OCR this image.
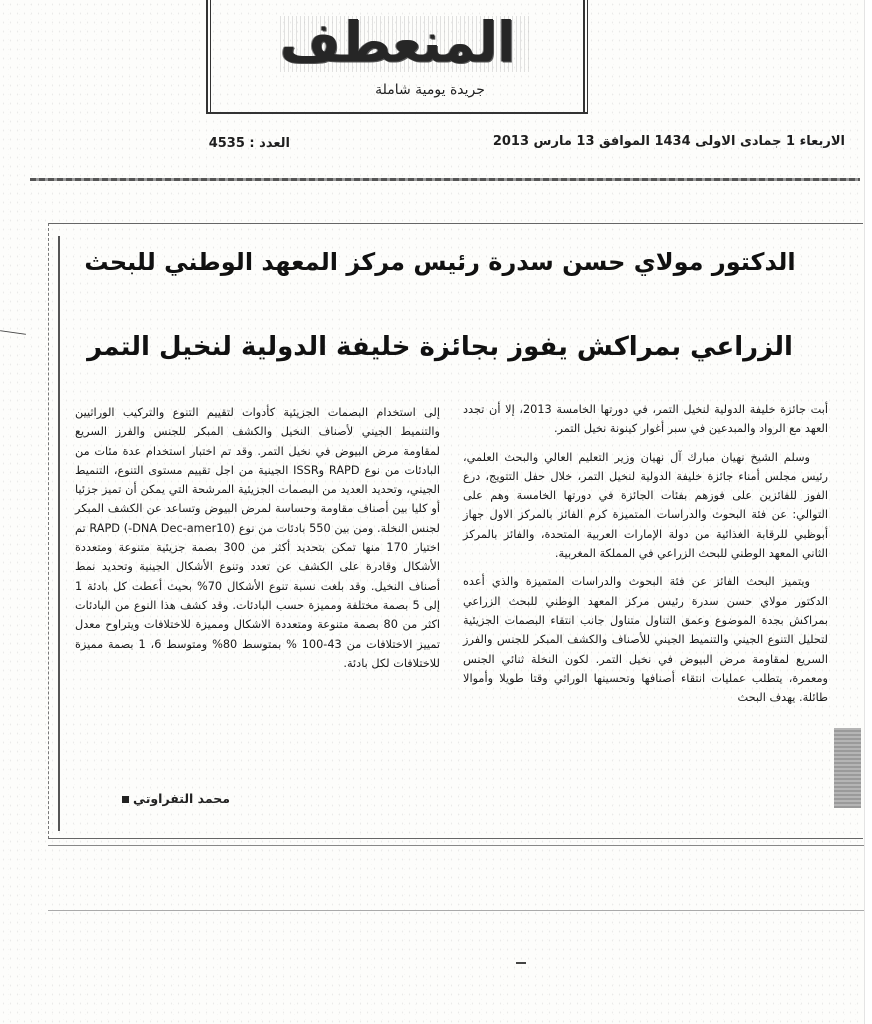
المنعطف
جريدة يومية شاملة
الاربعاء 1 جمادى الاولى 1434 الموافق 13 مارس 2013
العدد : 4535
الدكتور مولاي حسن سدرة رئيس مركز المعهد الوطني للبحث
الزراعي بمراكش يفوز بجائزة خليفة الدولية لنخيل التمر

أبت جائزة خليفة الدولية لنخيل التمر، في دورتها الخامسة 2013، إلا أن تجدد العهد مع الرواد والمبدعين في سبر أغوار كينونة نخيل التمر.

وسلم الشيخ نهيان مبارك آل نهيان وزير التعليم العالي والبحث العلمي، رئيس مجلس أمناء جائزة خليفة الدولية لنخيل التمر، خلال حفل التتويج، درع الفوز للفائزين على فوزهم بفئات الجائزة في دورتها الخامسة وهم على التوالي: عن فئة البحوث والدراسات المتميزة كرم الفائز بالمركز الاول جهاز أبوظبي للرقابة الغذائية من دولة الإمارات العربية المتحدة، والفائز بالمركز الثاني المعهد الوطني للبحث الزراعي في المملكة المغربية.

ويتميز البحث الفائز عن فئة البحوث والدراسات المتميزة والذي أعده الدكتور مولاي حسن سدرة رئيس مركز المعهد الوطني للبحث الزراعي بمراكش بجدة الموضوع وعمق التناول متناول جانب انتقاء البصمات الجزيئية لتحليل التنوع الجيني والتنميط الجيني للأصناف والكشف المبكر للجنس والفرز السريع لمقاومة مرض البيوض في نخيل التمر. لكون النخلة ثنائي الجنس ومعمرة، يتطلب عمليات انتقاء أصنافها وتحسينها الوراثي وقتا طويلا وأموالا طائلة. يهدف البحث

إلى استخدام البصمات الجزيئية كأدوات لتقييم التنوع والتركيب الوراثيين والتنميط الجيني لأصناف النخيل والكشف المبكر للجنس والفرز السريع لمقاومة مرض البيوض في نخيل التمر. وقد تم اختبار استخدام عدة مئات من البادئات من نوع RAPD وISSR الجينية من اجل تقييم مستوى التنوع، التنميط الجيني، وتحديد العديد من البصمات الجزيئية المرشحة التي يمكن أن تميز جزئيا أو كليا بين أصناف مقاومة وحساسة لمرض البيوض وتساعد عن الكشف المبكر لجنس النخلة. ومن بين 550 بادئات من نوع RAPD (-DNA Dec-amer10) تم اختيار 170 منها تمكن بتحديد أكثر من 300 بصمة جزيئية متنوعة ومتعددة الأشكال وقادرة على الكشف عن تعدد وتنوع الأشكال الجينية وتحديد نمط أصناف النخيل. وقد بلغت نسبة تنوع الأشكال 70% بحيث أعطت كل بادئة 1 إلى 5 بصمة مختلفة ومميزة حسب البادئات. وقد كشف هذا النوع من البادئات اكثر من 80 بصمة متنوعة ومتعددة الاشكال ومميزة للاختلافات ويتراوح معدل تمييز الاختلافات من 43-100 % بمتوسط 80% ومتوسط 6، 1 بصمة مميزة للاختلافات لكل بادئة.

محمد التفراوتي
